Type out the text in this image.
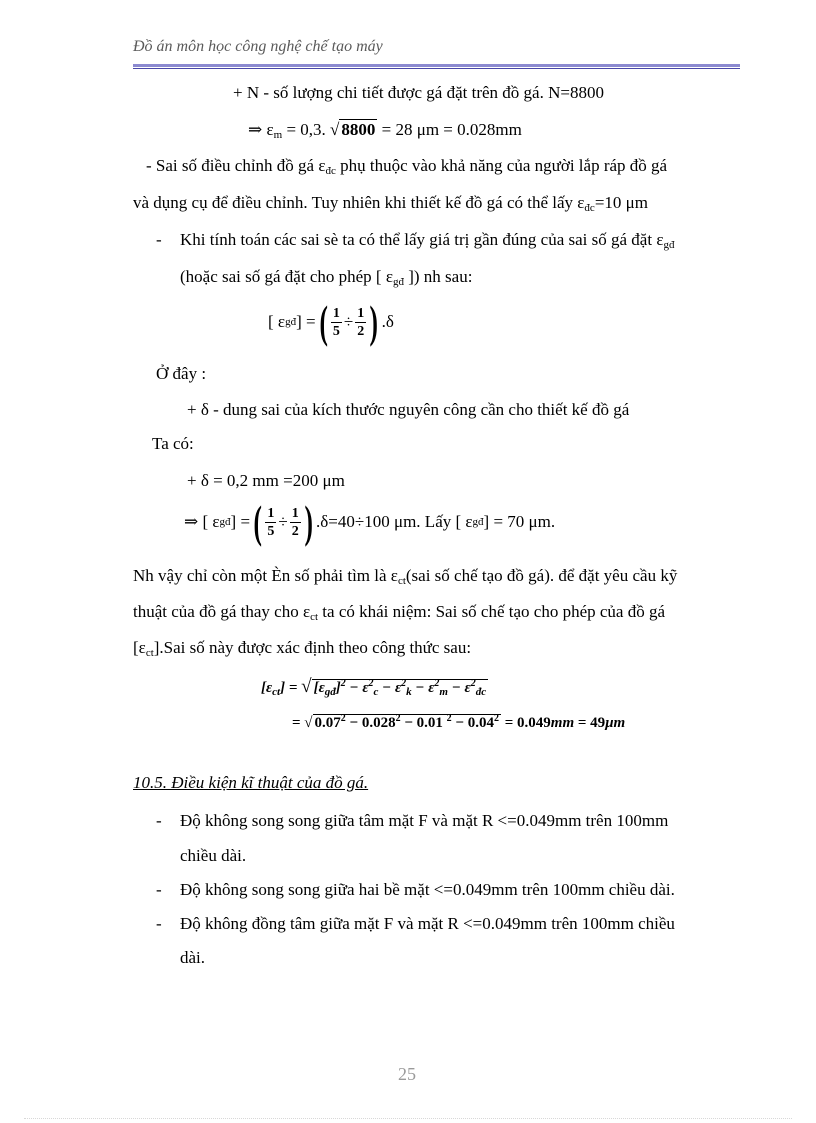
Đồ án môn học công nghệ chế tạo máy
+ N - số lượng chi tiết được gá đặt trên đồ gá. N=8800
⇒ $\varepsilon_m = 0,3$. √ 8800 = 28 μm = 0.028mm
- Sai số điều chỉnh đồ gá $\varepsilon_{đc}$ phụ thuộc vào khả năng của người lắp ráp đồ gá
và dụng cụ để điều chỉnh. Tuy nhiên khi thiết kế đồ gá có thể lấy $\varepsilon_{đc}=10$ μm
- Khi tính toán các sai sè ta có thể lấy giá trị gần đúng của sai số gá đặt $\varepsilon_{gđ}$
(hoặc sai số gá đặt cho phép [ $\varepsilon_{gđ}$ ]) nh sau:
[ ε gđ ] = ( $\frac{1}{5} \div \frac{1}{2}$ ) .δ
Ở đây :
+ δ - dung sai của kích thước nguyên công cần cho thiết kế đồ gá
Ta có:
+ δ = 0,2 mm =200 μm
⇒ [ ε gđ ] = ( $\frac{1}{5} \div \frac{1}{2}$ ) .δ=40÷100 μm. Lấy [ ε gđ ] = 70 μm.
Nh vậy chỉ còn một Èn số phải tìm là $\varepsilon_{ct}(sai$ số chế tạo đồ gá). để đặt yêu cầu kỹ
thuật của đồ gá thay cho $\varepsilon_{ct}$ ta có khái niệm: Sai số chế tạo cho phép của đồ gá
$[\varepsilon_{ct}].Sai$ số này được xác định theo công thức sau:
$[\varepsilon_{ct}]$ = √ $[\varepsilon_{gđ}]^2 - \varepsilon^2_c - \varepsilon^2_k - \varepsilon^2_m - \varepsilon^2_{đc}$
= √ $0.07^2 - 0.028^2 - 0.01$ $^2 - 0.04^2 = 0.049mm = 49\mu m$
10.5. Điều kiện kĩ thuật của đồ gá.
- Độ không song song giữa tâm mặt F và mặt R <=0.049mm trên 100mm
chiều dài.
- Độ không song song giữa hai bề mặt <=0.049mm trên 100mm chiều dài.
- Độ không đồng tâm giữa mặt F và mặt R <=0.049mm trên 100mm chiều
dài.
25
